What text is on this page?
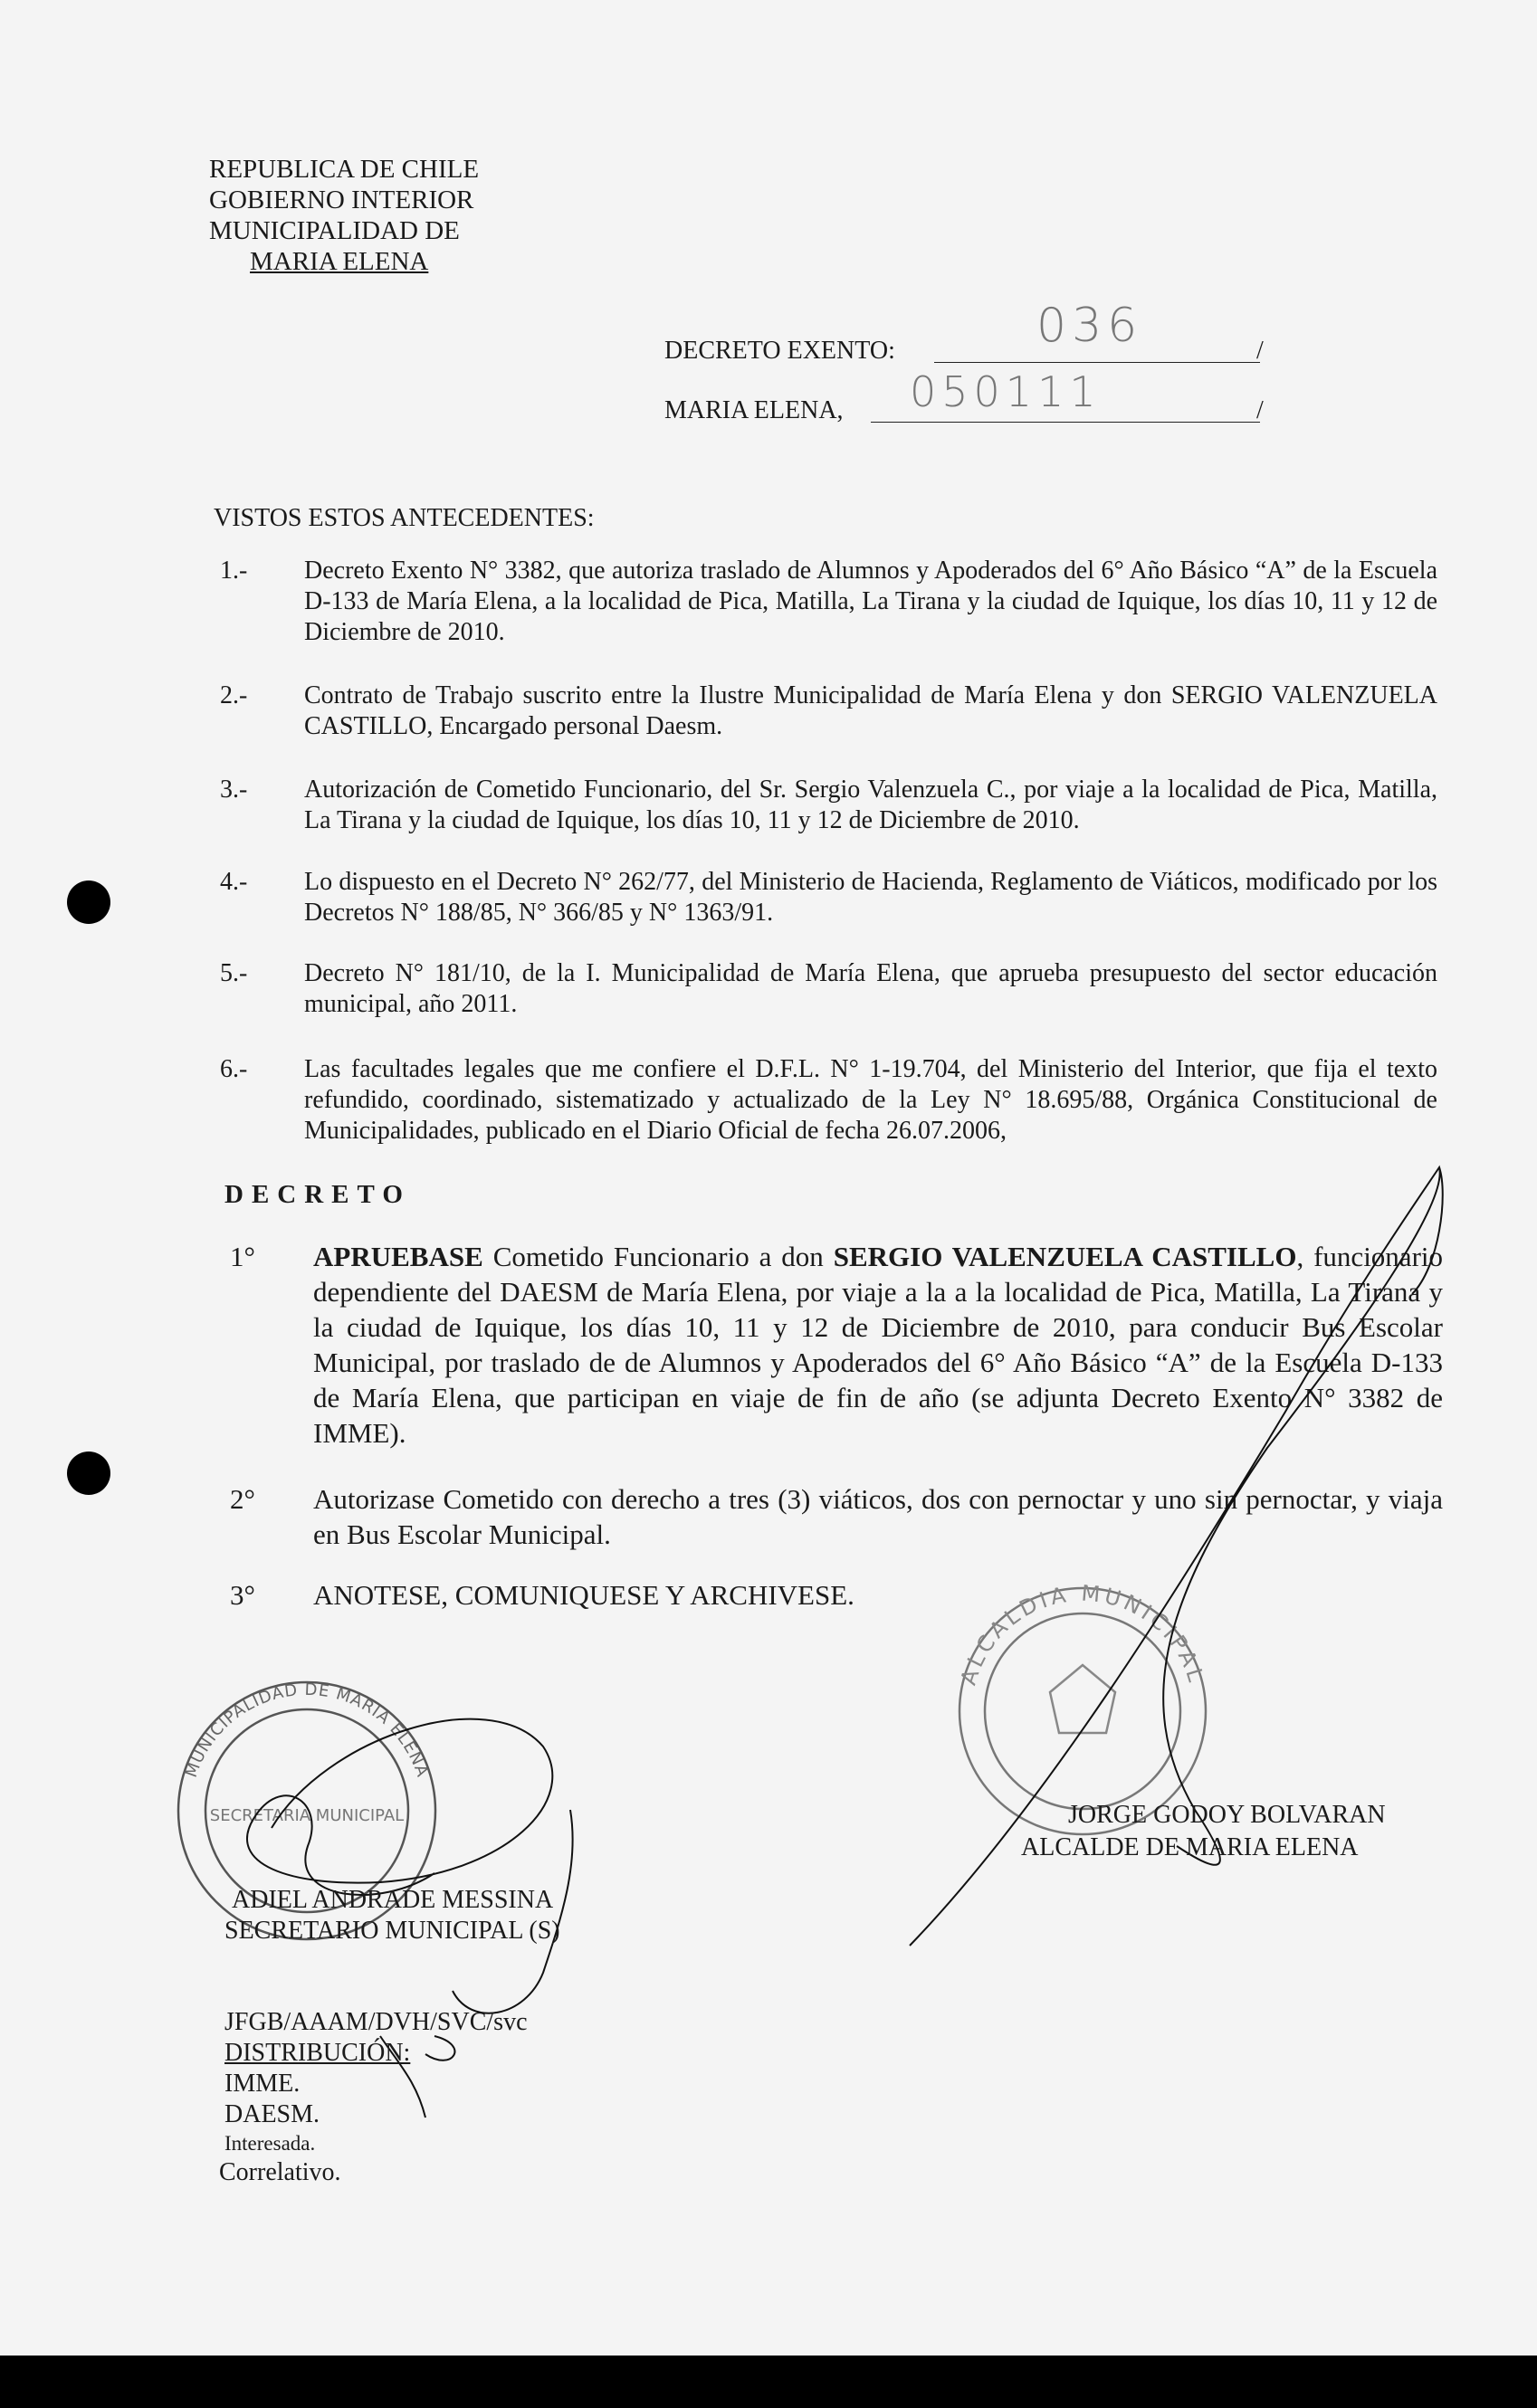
REPUBLICA DE CHILE
GOBIERNO INTERIOR
MUNICIPALIDAD DE
MARIA ELENA
DECRETO EXENTO:	036	/
MARIA ELENA, 050111	/
VISTOS ESTOS ANTECEDENTES:
1.- Decreto Exento N° 3382, que autoriza traslado de Alumnos y Apoderados del 6° Año Básico “A” de la Escuela D-133 de María Elena, a la localidad de Pica, Matilla, La Tirana y la ciudad de Iquique, los días 10, 11 y 12 de Diciembre de 2010.
2.- Contrato de Trabajo suscrito entre la Ilustre Municipalidad de María Elena y don SERGIO VALENZUELA CASTILLO, Encargado personal Daesm.
3.- Autorización de Cometido Funcionario, del Sr. Sergio Valenzuela C., por viaje a la localidad de Pica, Matilla, La Tirana y la ciudad de Iquique, los días 10, 11 y 12 de Diciembre de 2010.
4.- Lo dispuesto en el Decreto N° 262/77, del Ministerio de Hacienda, Reglamento de Viáticos, modificado por los Decretos N° 188/85, N° 366/85 y N° 1363/91.
5.- Decreto N° 181/10, de la I. Municipalidad de María Elena, que aprueba presupuesto del sector educación municipal, año 2011.
6.- Las facultades legales que me confiere el D.F.L. N° 1-19.704, del Ministerio del Interior, que fija el texto refundido, coordinado, sistematizado y actualizado de la Ley N° 18.695/88, Orgánica Constitucional de Municipalidades, publicado en el Diario Oficial de fecha 26.07.2006,
DECRETO
1° APRUEBASE Cometido Funcionario a don SERGIO VALENZUELA CASTILLO, funcionario dependiente del DAESM de María Elena, por viaje a la a la localidad de Pica, Matilla, La Tirana y la ciudad de Iquique, los días 10, 11 y 12 de Diciembre de 2010, para conducir Bus Escolar Municipal, por traslado de de Alumnos y Apoderados del 6° Año Básico “A” de la Escuela D-133 de María Elena, que participan en viaje de fin de año (se adjunta Decreto Exento N° 3382 de IMME).
2° Autorizase Cometido con derecho a tres (3) viáticos, dos con pernoctar y uno sin pernoctar, y viaja en Bus Escolar Municipal.
3° ANOTESE, COMUNIQUESE Y ARCHIVESE.
MUNICIPALIDAD DE MARIA ELENA
SECRETARIA MUNICIPAL
ALCALDIA MUNICIPAL
ADIEL ANDRADE MESSINA
SECRETARIO MUNICIPAL (S)
JORGE GODOY BOLVARAN
ALCALDE DE MARIA ELENA
JFGB/AAAM/DVH/SVC/svc
DISTRIBUCIÓN:
IMME.
DAESM.
Interesada.
Correlativo.
